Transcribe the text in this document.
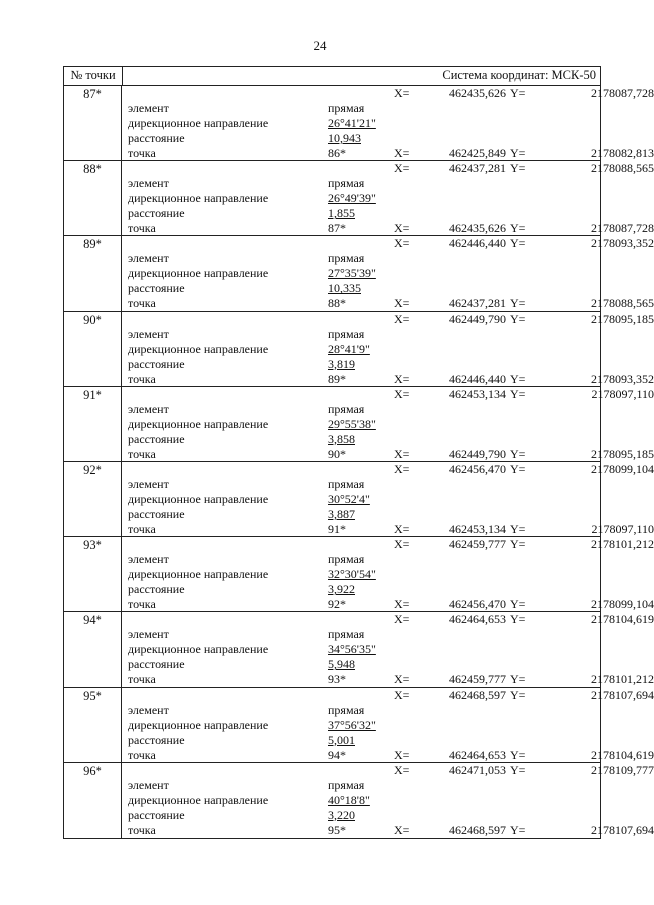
24
№ точки	Система координат: МСК-50
87*	X=	462435,626 Y=	2178087,728
элемент	прямая
дирекционное направление	26°41'21"
расстояние	10,943
точка	86*	X=	462425,849 Y=	2178082,813
88*	X=	462437,281 Y=	2178088,565
элемент	прямая
дирекционное направление	26°49'39"
расстояние	1,855
точка	87*	X=	462435,626 Y=	2178087,728
89*	X=	462446,440 Y=	2178093,352
элемент	прямая
дирекционное направление	27°35'39"
расстояние	10,335
точка	88*	X=	462437,281 Y=	2178088,565
90*	X=	462449,790 Y=	2178095,185
элемент	прямая
дирекционное направление	28°41'9"
расстояние	3,819
точка	89*	X=	462446,440 Y=	2178093,352
91*	X=	462453,134 Y=	2178097,110
элемент	прямая
дирекционное направление	29°55'38"
расстояние	3,858
точка	90*	X=	462449,790 Y=	2178095,185
92*	X=	462456,470 Y=	2178099,104
элемент	прямая
дирекционное направление	30°52'4"
расстояние	3,887
точка	91*	X=	462453,134 Y=	2178097,110
93*	X=	462459,777 Y=	2178101,212
элемент	прямая
дирекционное направление	32°30'54"
расстояние	3,922
точка	92*	X=	462456,470 Y=	2178099,104
94*	X=	462464,653 Y=	2178104,619
элемент	прямая
дирекционное направление	34°56'35"
расстояние	5,948
точка	93*	X=	462459,777 Y=	2178101,212
95*	X=	462468,597 Y=	2178107,694
элемент	прямая
дирекционное направление	37°56'32"
расстояние	5,001
точка	94*	X=	462464,653 Y=	2178104,619
96*	X=	462471,053 Y=	2178109,777
элемент	прямая
дирекционное направление	40°18'8"
расстояние	3,220
точка	95*	X=	462468,597 Y=	2178107,694
